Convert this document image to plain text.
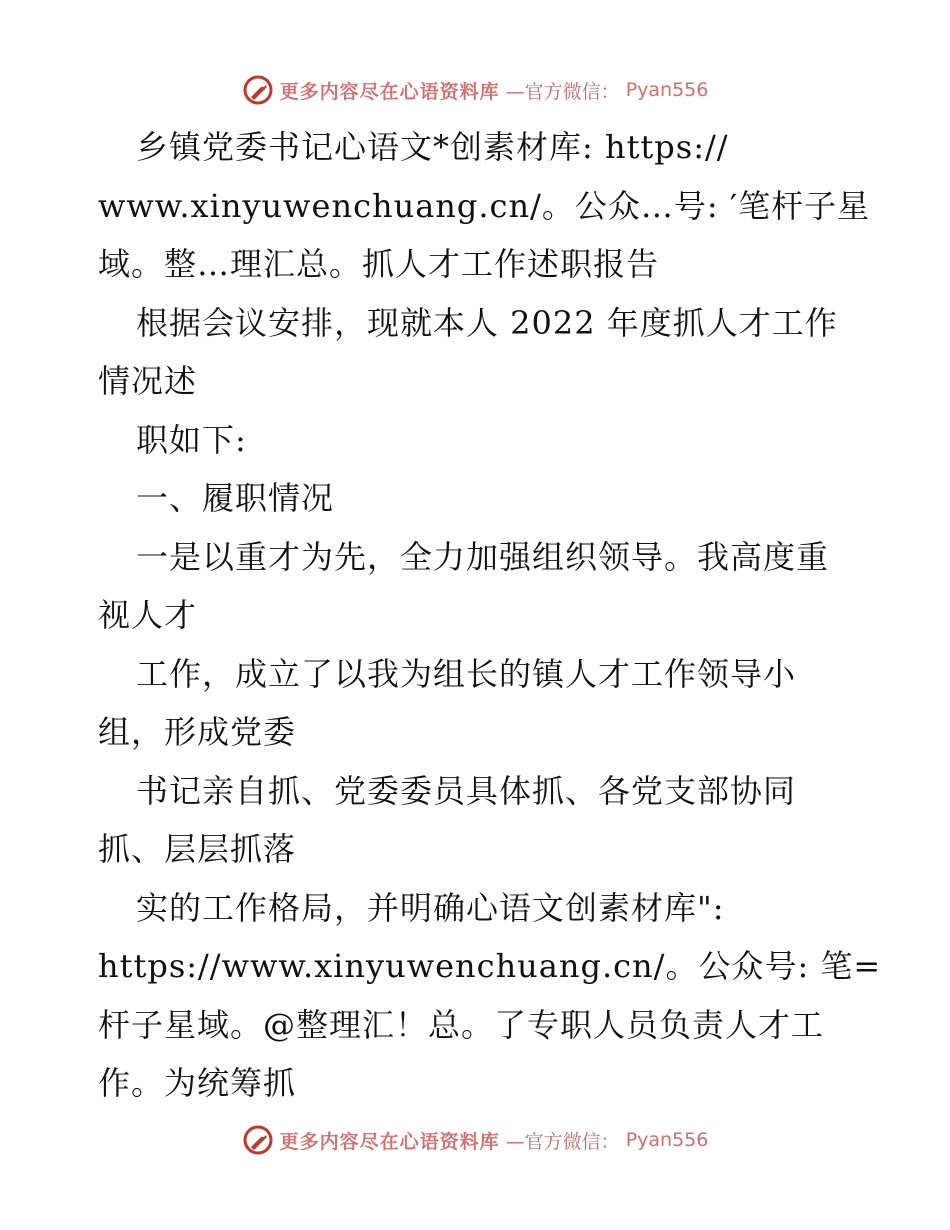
更多内容尽在心语资料库 —官方微信： Pyan556
乡镇党委书记心语文*创素材库: https://
www.xinyuwenchuang.cn/。公众…号: ′笔杆子星
域。整…理汇总。抓人才工作述职报告
根据会议安排，现就本人 2022 年度抓人才工作
情况述
职如下:
一、履职情况
一是以重才为先，全力加强组织领导。我高度重
视人才
工作，成立了以我为组长的镇人才工作领导小
组，形成党委
书记亲自抓、党委委员具体抓、各党支部协同
抓、层层抓落
实的工作格局，并明确心语文创素材库":
https://www.xinyuwenchuang.cn/。公众号: 笔=
杆子星域。@整理汇！总。了专职人员负责人才工
作。为统筹抓
更多内容尽在心语资料库 —官方微信： Pyan556
